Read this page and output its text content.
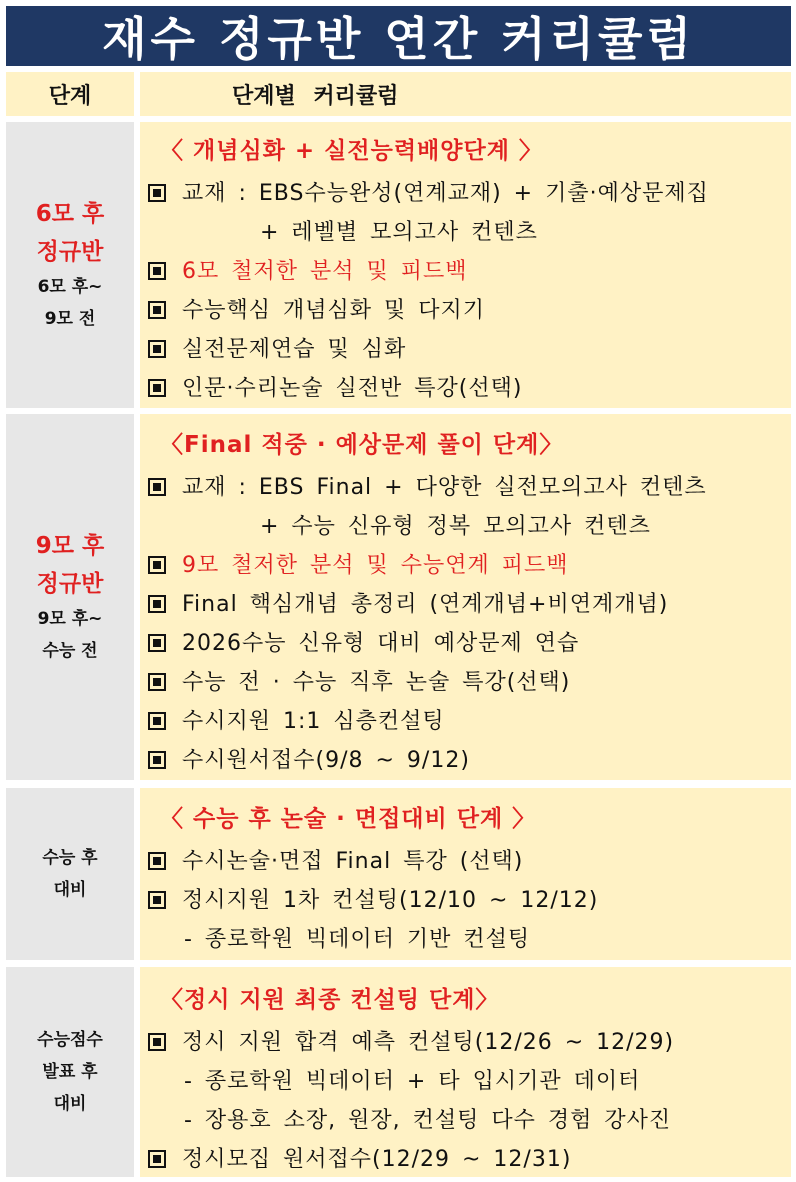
재수 정규반 연간 커리큘럼
단계	단계별 커리큘럼
6모 후
정규반
6모 후~
9모 전
〈 개념심화 + 실전능력배양단계 〉
교재 : EBS수능완성(연계교재) + 기출·예상문제집
+ 레벨별 모의고사 컨텐츠
6모 철저한 분석 및 피드백
수능핵심 개념심화 및 다지기
실전문제연습 및 심화
인문·수리논술 실전반 특강(선택)
9모 후
정규반
9모 후~
수능 전
〈Final 적중 · 예상문제 풀이 단계〉
교재 : EBS Final + 다양한 실전모의고사 컨텐츠
+ 수능 신유형 정복 모의고사 컨텐츠
9모 철저한 분석 및 수능연계 피드백
Final 핵심개념 총정리 (연계개념+비연계개념)
2026수능 신유형 대비 예상문제 연습
수능 전 · 수능 직후 논술 특강(선택)
수시지원 1:1 심층컨설팅
수시원서접수(9/8 ~ 9/12)
수능 후
대비
〈 수능 후 논술 · 면접대비 단계 〉
수시논술·면접 Final 특강 (선택)
정시지원 1차 컨설팅(12/10 ~ 12/12)
- 종로학원 빅데이터 기반 컨설팅
수능점수
발표 후
대비
〈정시 지원 최종 컨설팅 단계〉
정시 지원 합격 예측 컨설팅(12/26 ~ 12/29)
- 종로학원 빅데이터 + 타 입시기관 데이터
- 장용호 소장, 원장, 컨설팅 다수 경험 강사진
정시모집 원서접수(12/29 ~ 12/31)
